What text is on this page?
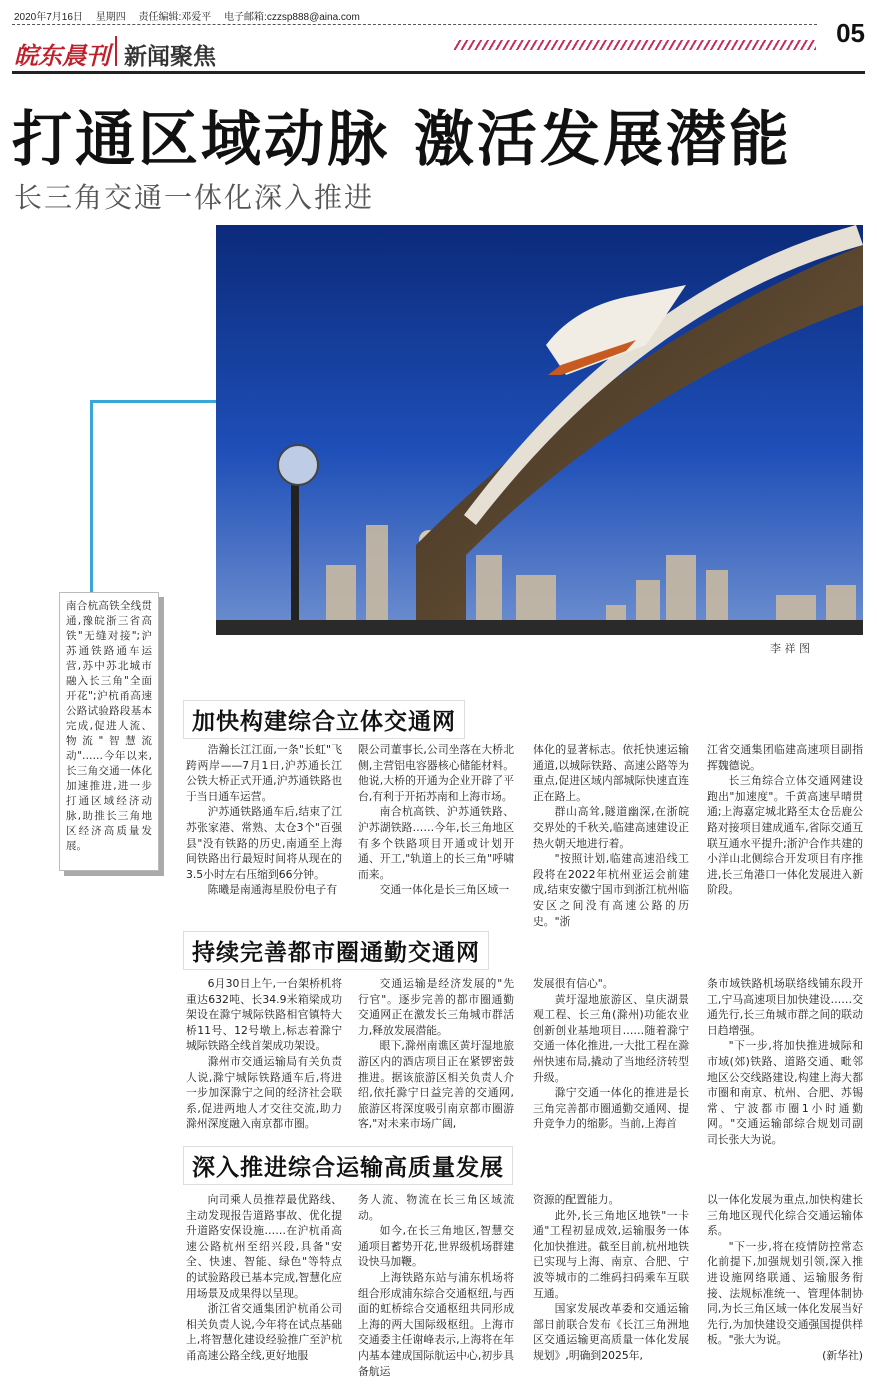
2020年7月16日 星期四 责任编辑:邓爱平 电子邮箱:czzsp888@aina.com
05
皖东晨刊 新闻聚焦
打通区域动脉 激活发展潜能
长三角交通一体化深入推进
李 祥 图
南合杭高铁全线贯通,豫皖浙三省高铁"无缝对接";沪苏通铁路通车运营,苏中苏北城市融入长三角"全面开花";沪杭甬高速公路试验路段基本完成,促进人流、物流"智慧流动"……今年以来,长三角交通一体化加速推进,进一步打通区域经济动脉,助推长三角地区经济高质量发展。
加快构建综合立体交通网

浩瀚长江江面,一条"长虹"飞跨两岸——7月1日,沪苏通长江公铁大桥正式开通,沪苏通铁路也于当日通车运营。

沪苏通铁路通车后,结束了江苏张家港、常熟、太仓3个"百强县"没有铁路的历史,南通至上海间铁路出行最短时间将从现在的3.5小时左右压缩到66分钟。

陈曦是南通海星股份电子有

限公司董事长,公司坐落在大桥北侧,主营铝电容器核心储能材料。他说,大桥的开通为企业开辟了平台,有利于开拓苏南和上海市场。

南合杭高铁、沪苏通铁路、沪苏湖铁路……今年,长三角地区有多个铁路项目开通或计划开通、开工,"轨道上的长三角"呼啸而来。

交通一体化是长三角区域一

体化的显著标志。依托快速运输通道,以城际铁路、高速公路等为重点,促进区域内部城际快速直连正在路上。

群山高耸,隧道幽深,在浙皖交界处的千秋关,临建高速建设正热火朝天地进行着。

"按照计划,临建高速沿线工段将在2022年杭州亚运会前建成,结束安徽宁国市到浙江杭州临安区之间没有高速公路的历史。"浙

江省交通集团临建高速项目副指挥魏德说。

长三角综合立体交通网建设跑出"加速度"。千黄高速早晴贯通;上海嘉定城北路至太仓岳鹿公路对接项目建成通车,省际交通互联互通水平提升;浙沪合作共建的小洋山北侧综合开发项目有序推进,长三角港口一体化发展进入新阶段。

持续完善都市圈通勤交通网

6月30日上午,一台架桥机将重达632吨、长34.9米箱梁成功架设在滁宁城际铁路相官镇特大桥11号、12号墩上,标志着滁宁城际铁路全线首架成功架设。

滁州市交通运输局有关负责人说,滁宁城际铁路通车后,将进一步加深滁宁之间的经济社会联系,促进两地人才交往交流,助力滁州深度融入南京都市圈。

交通运输是经济发展的"先行官"。逐步完善的都市圈通勤交通网正在激发长三角城市群活力,释放发展潜能。

眼下,滁州南谯区黄圩湿地旅游区内的酒店项目正在紧锣密鼓推进。据该旅游区相关负责人介绍,依托滁宁日益完善的交通网,旅游区将深度吸引南京都市圈游客,"对未来市场广阔,

发展很有信心"。

黄圩湿地旅游区、皇庆湖景观工程、长三角(滁州)功能农业创新创业基地项目……随着滁宁交通一体化推进,一大批工程在滁州快速布局,撬动了当地经济转型升级。

滁宁交通一体化的推进是长三角完善都市圈通勤交通网、提升竞争力的缩影。当前,上海首

条市域铁路机场联络线铺东段开工,宁马高速项目加快建设……交通先行,长三角城市群之间的联动日趋增强。

"下一步,将加快推进城际和市域(郊)铁路、道路交通、毗邻地区公交线路建设,构建上海大都市圈和南京、杭州、合肥、苏锡常、宁波都市圈1小时通勤网。"交通运输部综合规划司副司长张大为说。

深入推进综合运输高质量发展

向司乘人员推荐最优路线、主动发现报告道路事故、优化提升道路安保设施……在沪杭甬高速公路杭州至绍兴段,具备"安全、快速、智能、绿色"等特点的试验路段已基本完成,智慧化应用场景及成果得以呈现。

浙江省交通集团沪杭甬公司相关负责人说,今年将在试点基础上,将智慧化建设经验推广至沪杭甬高速公路全线,更好地服

务人流、物流在长三角区域流动。

如今,在长三角地区,智慧交通项目蓄势开花,世界级机场群建设快马加鞭。

上海铁路东站与浦东机场将组合形成浦东综合交通枢纽,与西面的虹桥综合交通枢纽共同形成上海的两大国际级枢纽。上海市交通委主任谢峰表示,上海将在年内基本建成国际航运中心,初步具备航运

资源的配置能力。

此外,长三角地区地铁"一卡通"工程初显成效,运输服务一体化加快推进。截至目前,杭州地铁已实现与上海、南京、合肥、宁波等城市的二维码扫码乘车互联互通。

国家发展改革委和交通运输部日前联合发布《长江三角洲地区交通运输更高质量一体化发展规划》,明确到2025年,

以一体化发展为重点,加快构建长三角地区现代化综合交通运输体系。

"下一步,将在疫情防控常态化前提下,加强规划引领,深入推进设施网络联通、运输服务衔接、法规标准统一、管理体制协同,为长三角区域一体化发展当好先行,为加快建设交通强国提供样板。"张大为说。

(新华社)
